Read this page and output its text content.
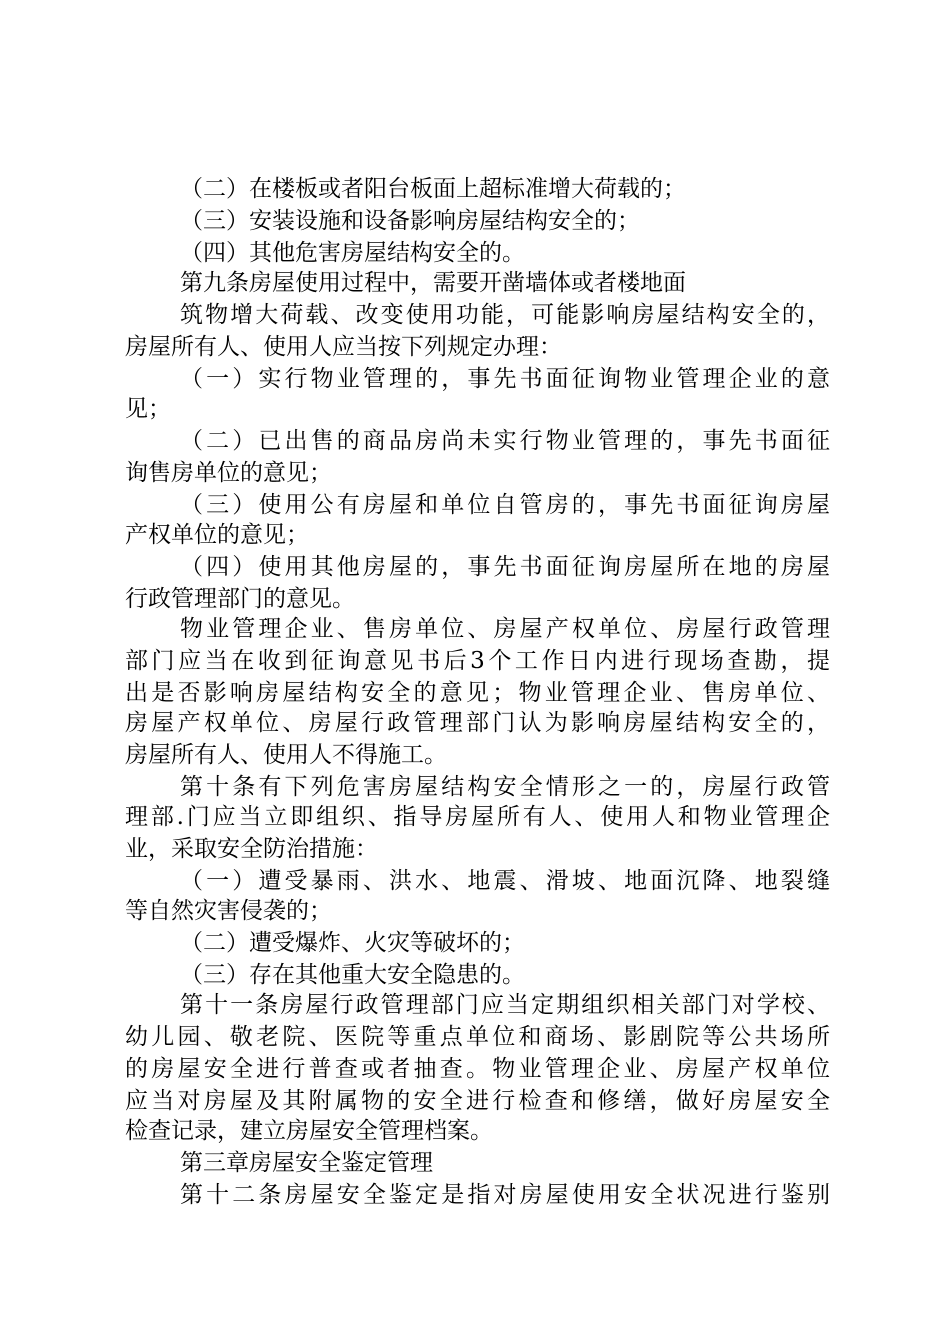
（二）在楼板或者阳台板面上超标准增大荷载的；
（三）安装设施和设备影响房屋结构安全的；
（四）其他危害房屋结构安全的。
第九条房屋使用过程中，需要开凿墙体或者楼地面
筑物增大荷载、改变使用功能，可能影响房屋结构安全的，
房屋所有人、使用人应当按下列规定办理：
（一）实行物业管理的，事先书面征询物业管理企业的意
见；
（二）已出售的商品房尚未实行物业管理的，事先书面征
询售房单位的意见；
（三）使用公有房屋和单位自管房的，事先书面征询房屋
产权单位的意见；
（四）使用其他房屋的，事先书面征询房屋所在地的房屋
行政管理部门的意见。
物业管理企业、售房单位、房屋产权单位、房屋行政管理
部门应当在收到征询意见书后3个工作日内进行现场查勘，提
出是否影响房屋结构安全的意见；物业管理企业、售房单位、
房屋产权单位、房屋行政管理部门认为影响房屋结构安全的，
房屋所有人、使用人不得施工。
第十条有下列危害房屋结构安全情形之一的，房屋行政管
理部.门应当立即组织、指导房屋所有人、使用人和物业管理企
业，采取安全防治措施：
（一）遭受暴雨、洪水、地震、滑坡、地面沉降、地裂缝
等自然灾害侵袭的；
（二）遭受爆炸、火灾等破坏的；
（三）存在其他重大安全隐患的。
第十一条房屋行政管理部门应当定期组织相关部门对学校、
幼儿园、敬老院、医院等重点单位和商场、影剧院等公共场所
的房屋安全进行普查或者抽查。物业管理企业、房屋产权单位
应当对房屋及其附属物的安全进行检查和修缮，做好房屋安全
检查记录，建立房屋安全管理档案。
第三章房屋安全鉴定管理
第十二条房屋安全鉴定是指对房屋使用安全状况进行鉴别
